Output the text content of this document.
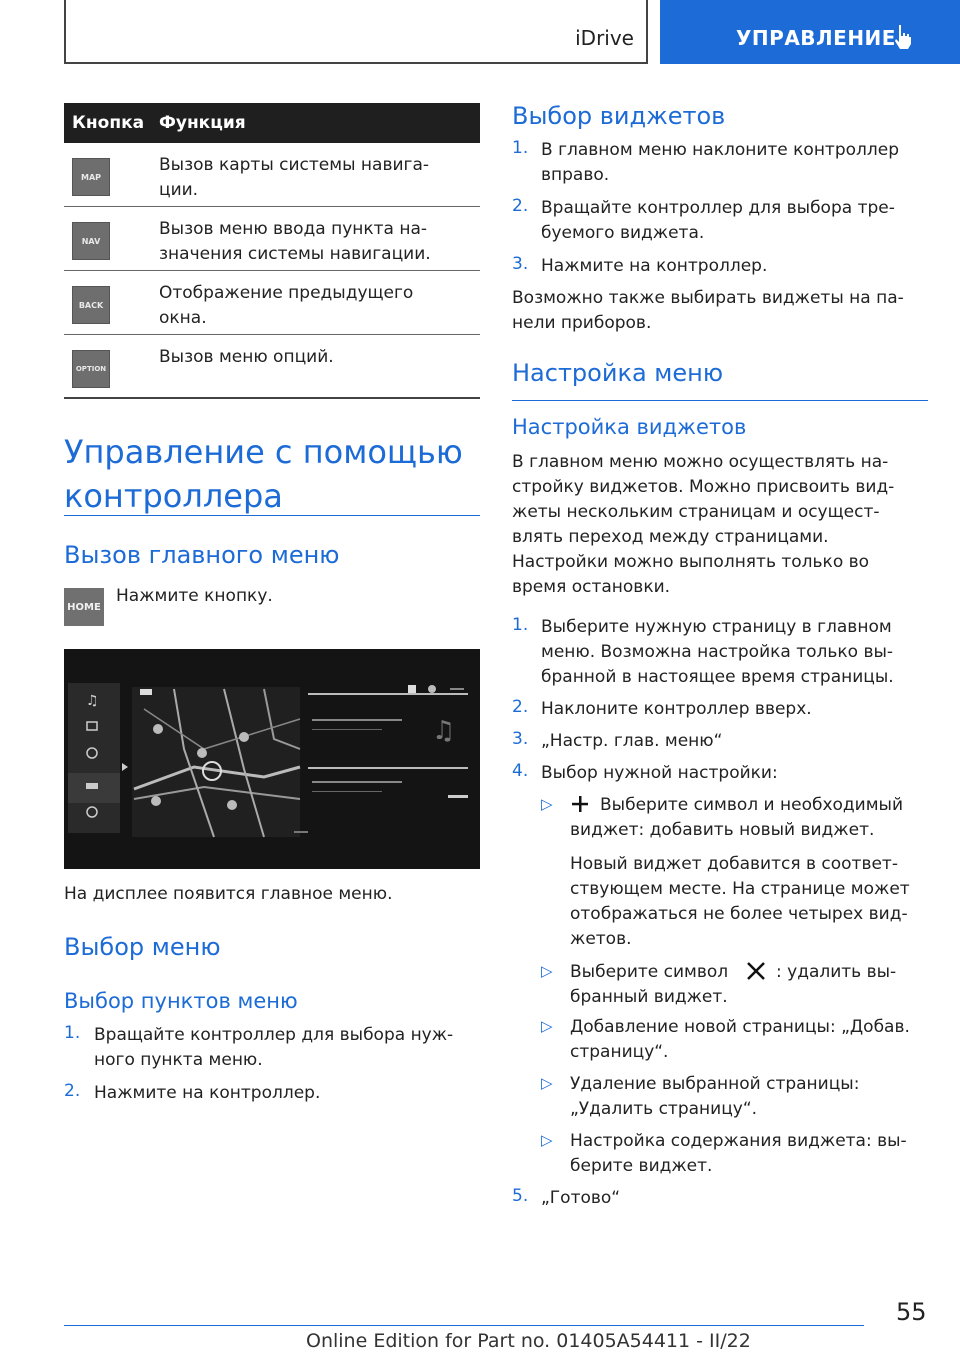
iDrive	УПРАВЛЕНИЕ
Кнопка Функция
MAP
Вызов карты системы навига-
ции.
NAV
Вызов меню ввода пункта на-
значения системы навигации.
BACK
Отображение предыдущего
окна.
OPTION
Вызов меню опций.
Управление с помощью
контроллера
Вызов главного меню
HOME
Нажмите кнопку.
♫
♫
На дисплее появится главное меню.
Выбор меню
Выбор пунктов меню
1. Вращайте контроллер для выбора нуж-
ного пункта меню.
2. Нажмите на контроллер.
Выбор виджетов
1. В главном меню наклоните контроллер
вправо.
2. Вращайте контроллер для выбора тре-
буемого виджета.
3. Нажмите на контроллер.
Возможно также выбирать виджеты на па-
нели приборов.
Настройка меню
Настройка виджетов
В главном меню можно осуществлять на-
стройку виджетов. Можно присвоить вид-
жеты нескольким страницам и осущест-
влять переход между страницами.
Настройки можно выполнять только во
время остановки.
1. Выберите нужную страницу в главном
меню. Возможна настройка только вы-
бранной в настоящее время страницы.
2. Наклоните контроллер вверх.
3. „Настр. глав. меню“
4. Выбор нужной настройки:
▷	Выберите символ и необходимый
виджет: добавить новый виджет.
Новый виджет добавится в соответ-
ствующем месте. На странице может
отображаться не более четырех вид-
жетов.
▷ Выберите символ	: удалить вы-
бранный виджет.
▷ Добавление новой страницы: „Добав.
страницу“.
▷ Удаление выбранной страницы:
„Удалить страницу“.
▷ Настройка содержания виджета: вы-
берите виджет.
5. „Готово“
55
Online Edition for Part no. 01405A54411 - II/22
